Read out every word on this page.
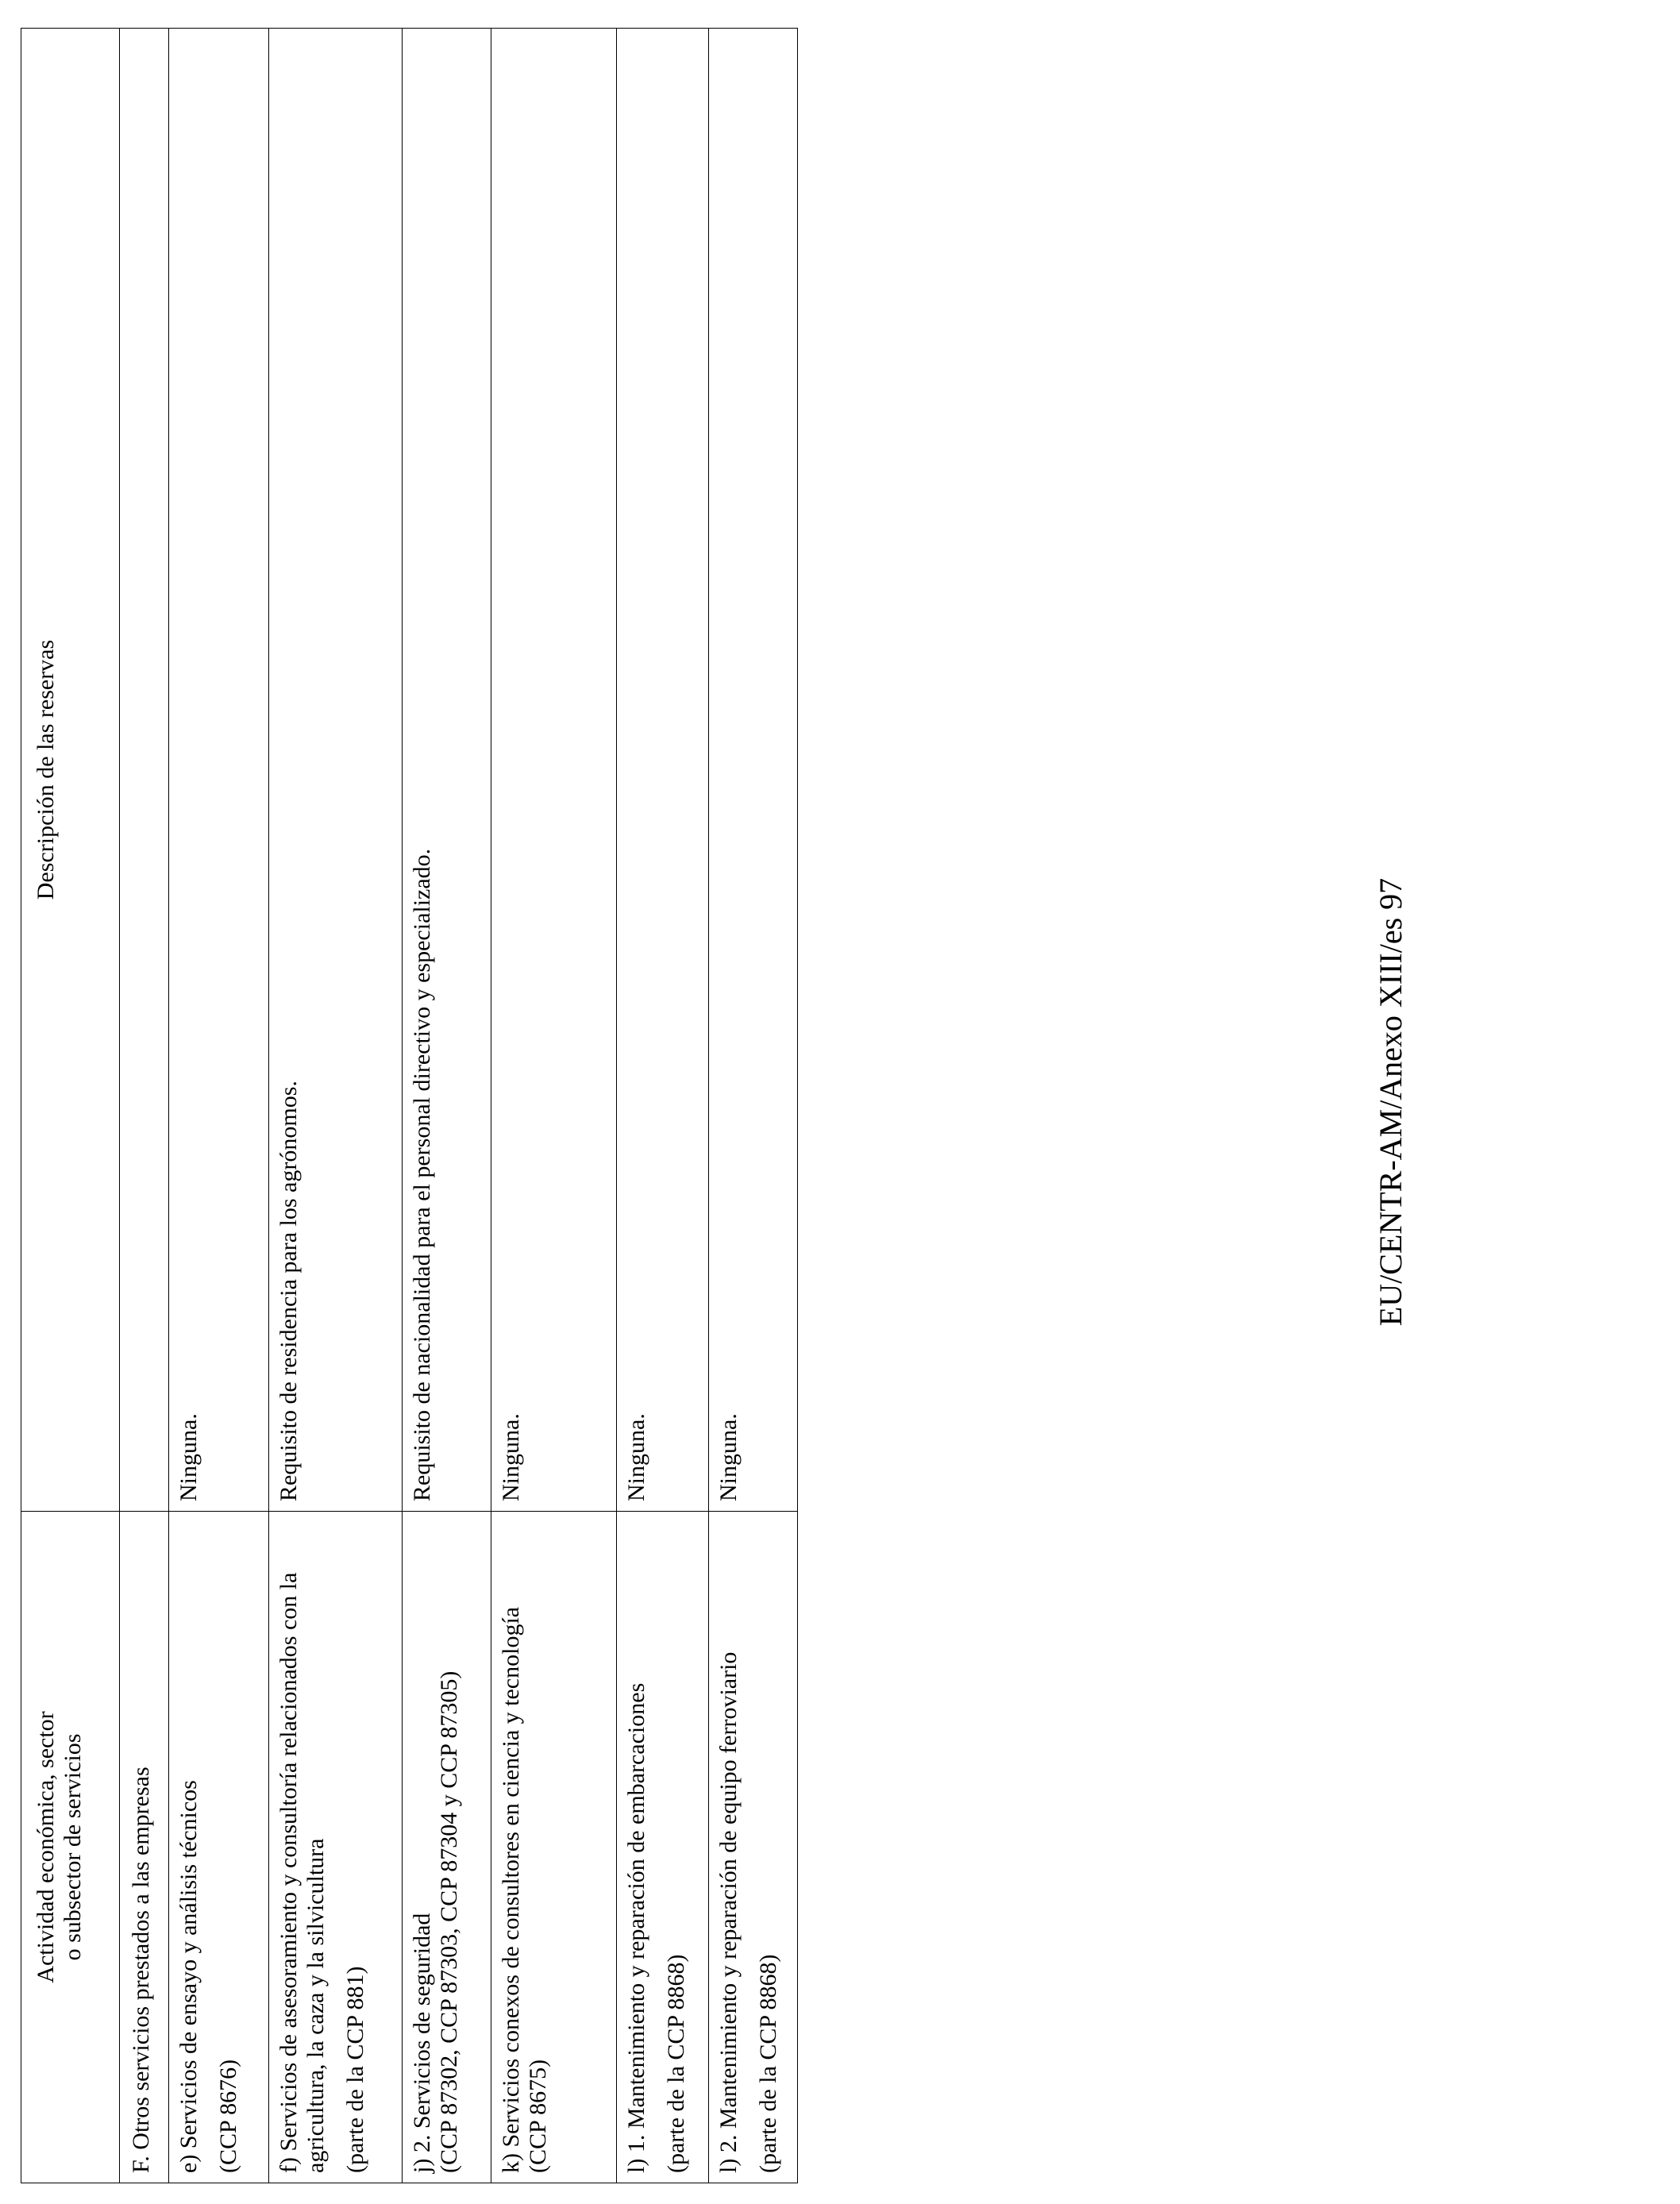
Actividad económica, sector o subsector de servicios	Descripción de las reservas
F. Otros servicios prestados a las empresas	

e) Servicios de ensayo y análisis técnicos (CCP 8676)	Ninguna.

f) Servicios de asesoramiento y consultoría relacionados con la agricultura, la caza y la silvicultura (parte de la CCP 881)	Requisito de residencia para los agrónomos.

j) 2. Servicios de seguridad (CCP 87302, CCP 87303, CCP 87304 y CCP 87305)	Requisito de nacionalidad para el personal directivo y especializado.

k) Servicios conexos de consultores en ciencia y tecnología (CCP 8675)	Ninguna.

l) 1. Mantenimiento y reparación de embarcaciones (parte de la CCP 8868)	Ninguna.

l) 2. Mantenimiento y reparación de equipo ferroviario (parte de la CCP 8868)	Ninguna.
EU/CENTR-AM/Anexo XIII/es 97
